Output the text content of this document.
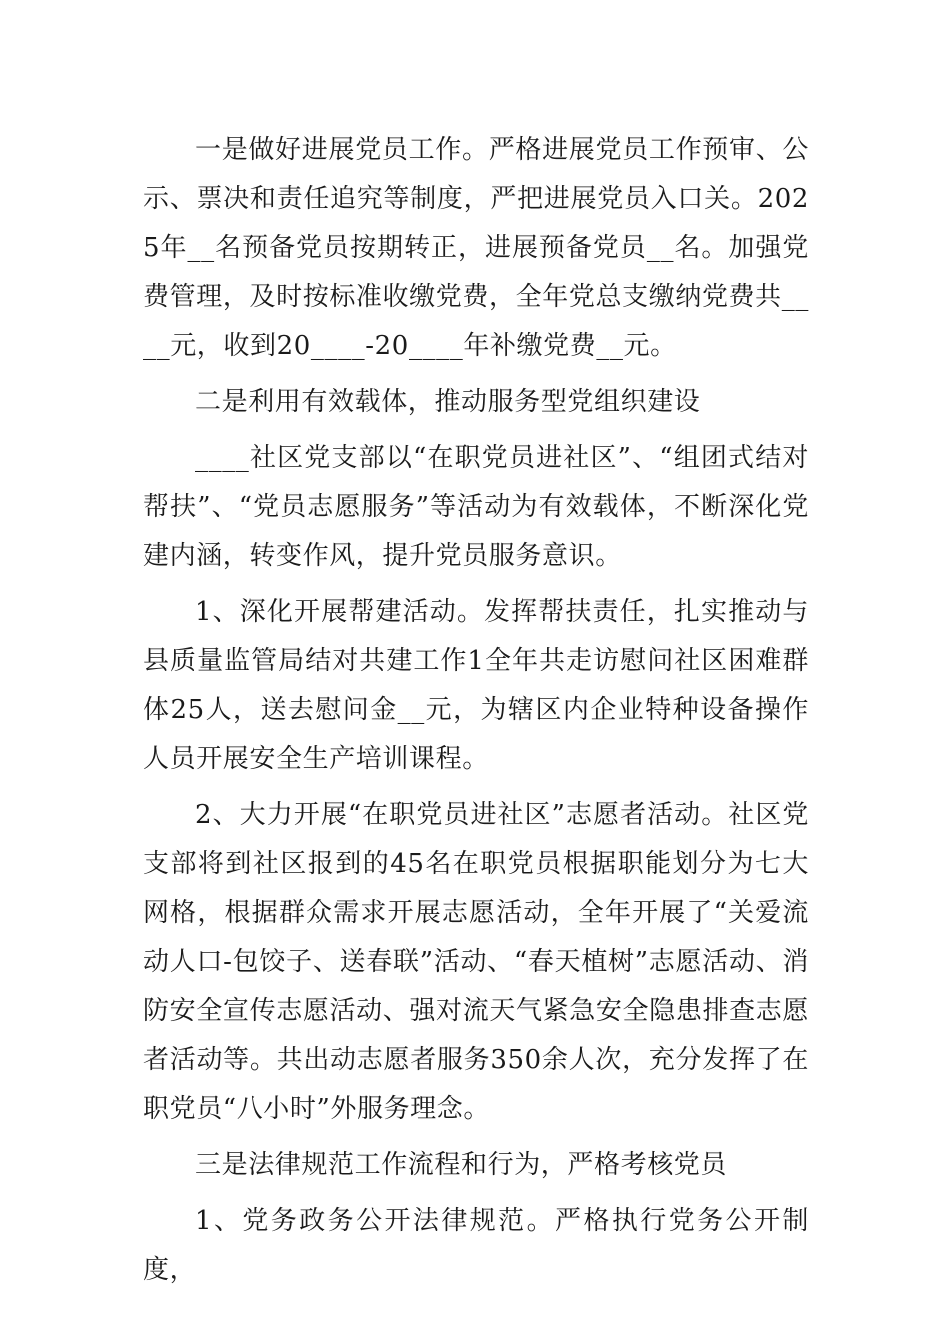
一是做好进展党员工作。严格进展党员工作预审、公示、票决和责任追究等制度，严把进展党员入口关。2025年__名预备党员按期转正，进展预备党员__名。加强党费管理，及时按标准收缴党费，全年党总支缴纳党费共____元，收到20____-20____年补缴党费__元。

二是利用有效载体，推动服务型党组织建设

____社区党支部以“在职党员进社区”、“组团式结对帮扶”、“党员志愿服务”等活动为有效载体，不断深化党建内涵，转变作风，提升党员服务意识。

1、深化开展帮建活动。发挥帮扶责任，扎实推动与县质量监管局结对共建工作1全年共走访慰问社区困难群体25人，送去慰问金__元，为辖区内企业特种设备操作人员开展安全生产培训课程。

2、大力开展“在职党员进社区”志愿者活动。社区党支部将到社区报到的45名在职党员根据职能划分为七大网格，根据群众需求开展志愿活动，全年开展了“关爱流动人口-包饺子、送春联”活动、“春天植树”志愿活动、消防安全宣传志愿活动、强对流天气紧急安全隐患排查志愿者活动等。共出动志愿者服务350余人次，充分发挥了在职党员“八小时”外服务理念。

三是法律规范工作流程和行为，严格考核党员

1、党务政务公开法律规范。严格执行党务公开制度，
